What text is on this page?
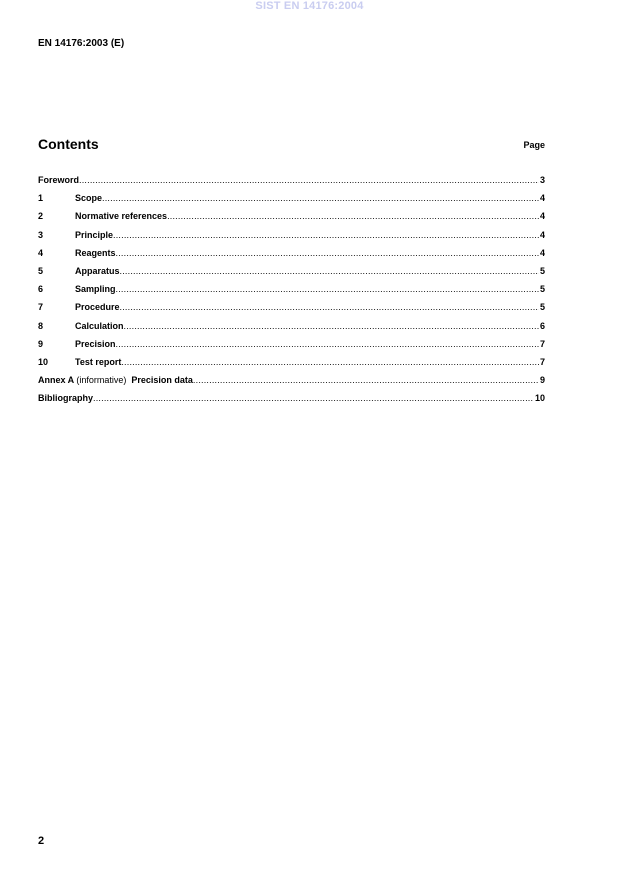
SIST EN 14176:2004
EN 14176:2003 (E)
Contents	Page
Foreword .....	3
1	Scope .....	4
2	Normative references .....	4
3	Principle .....	4
4	Reagents .....	4
5	Apparatus .....	5
6	Sampling .....	5
7	Procedure .....	5
8	Calculation .....	6
9	Precision .....	7
10	Test report .....	7
Annex A (informative) Precision data .....	9
Bibliography .....	10
2
